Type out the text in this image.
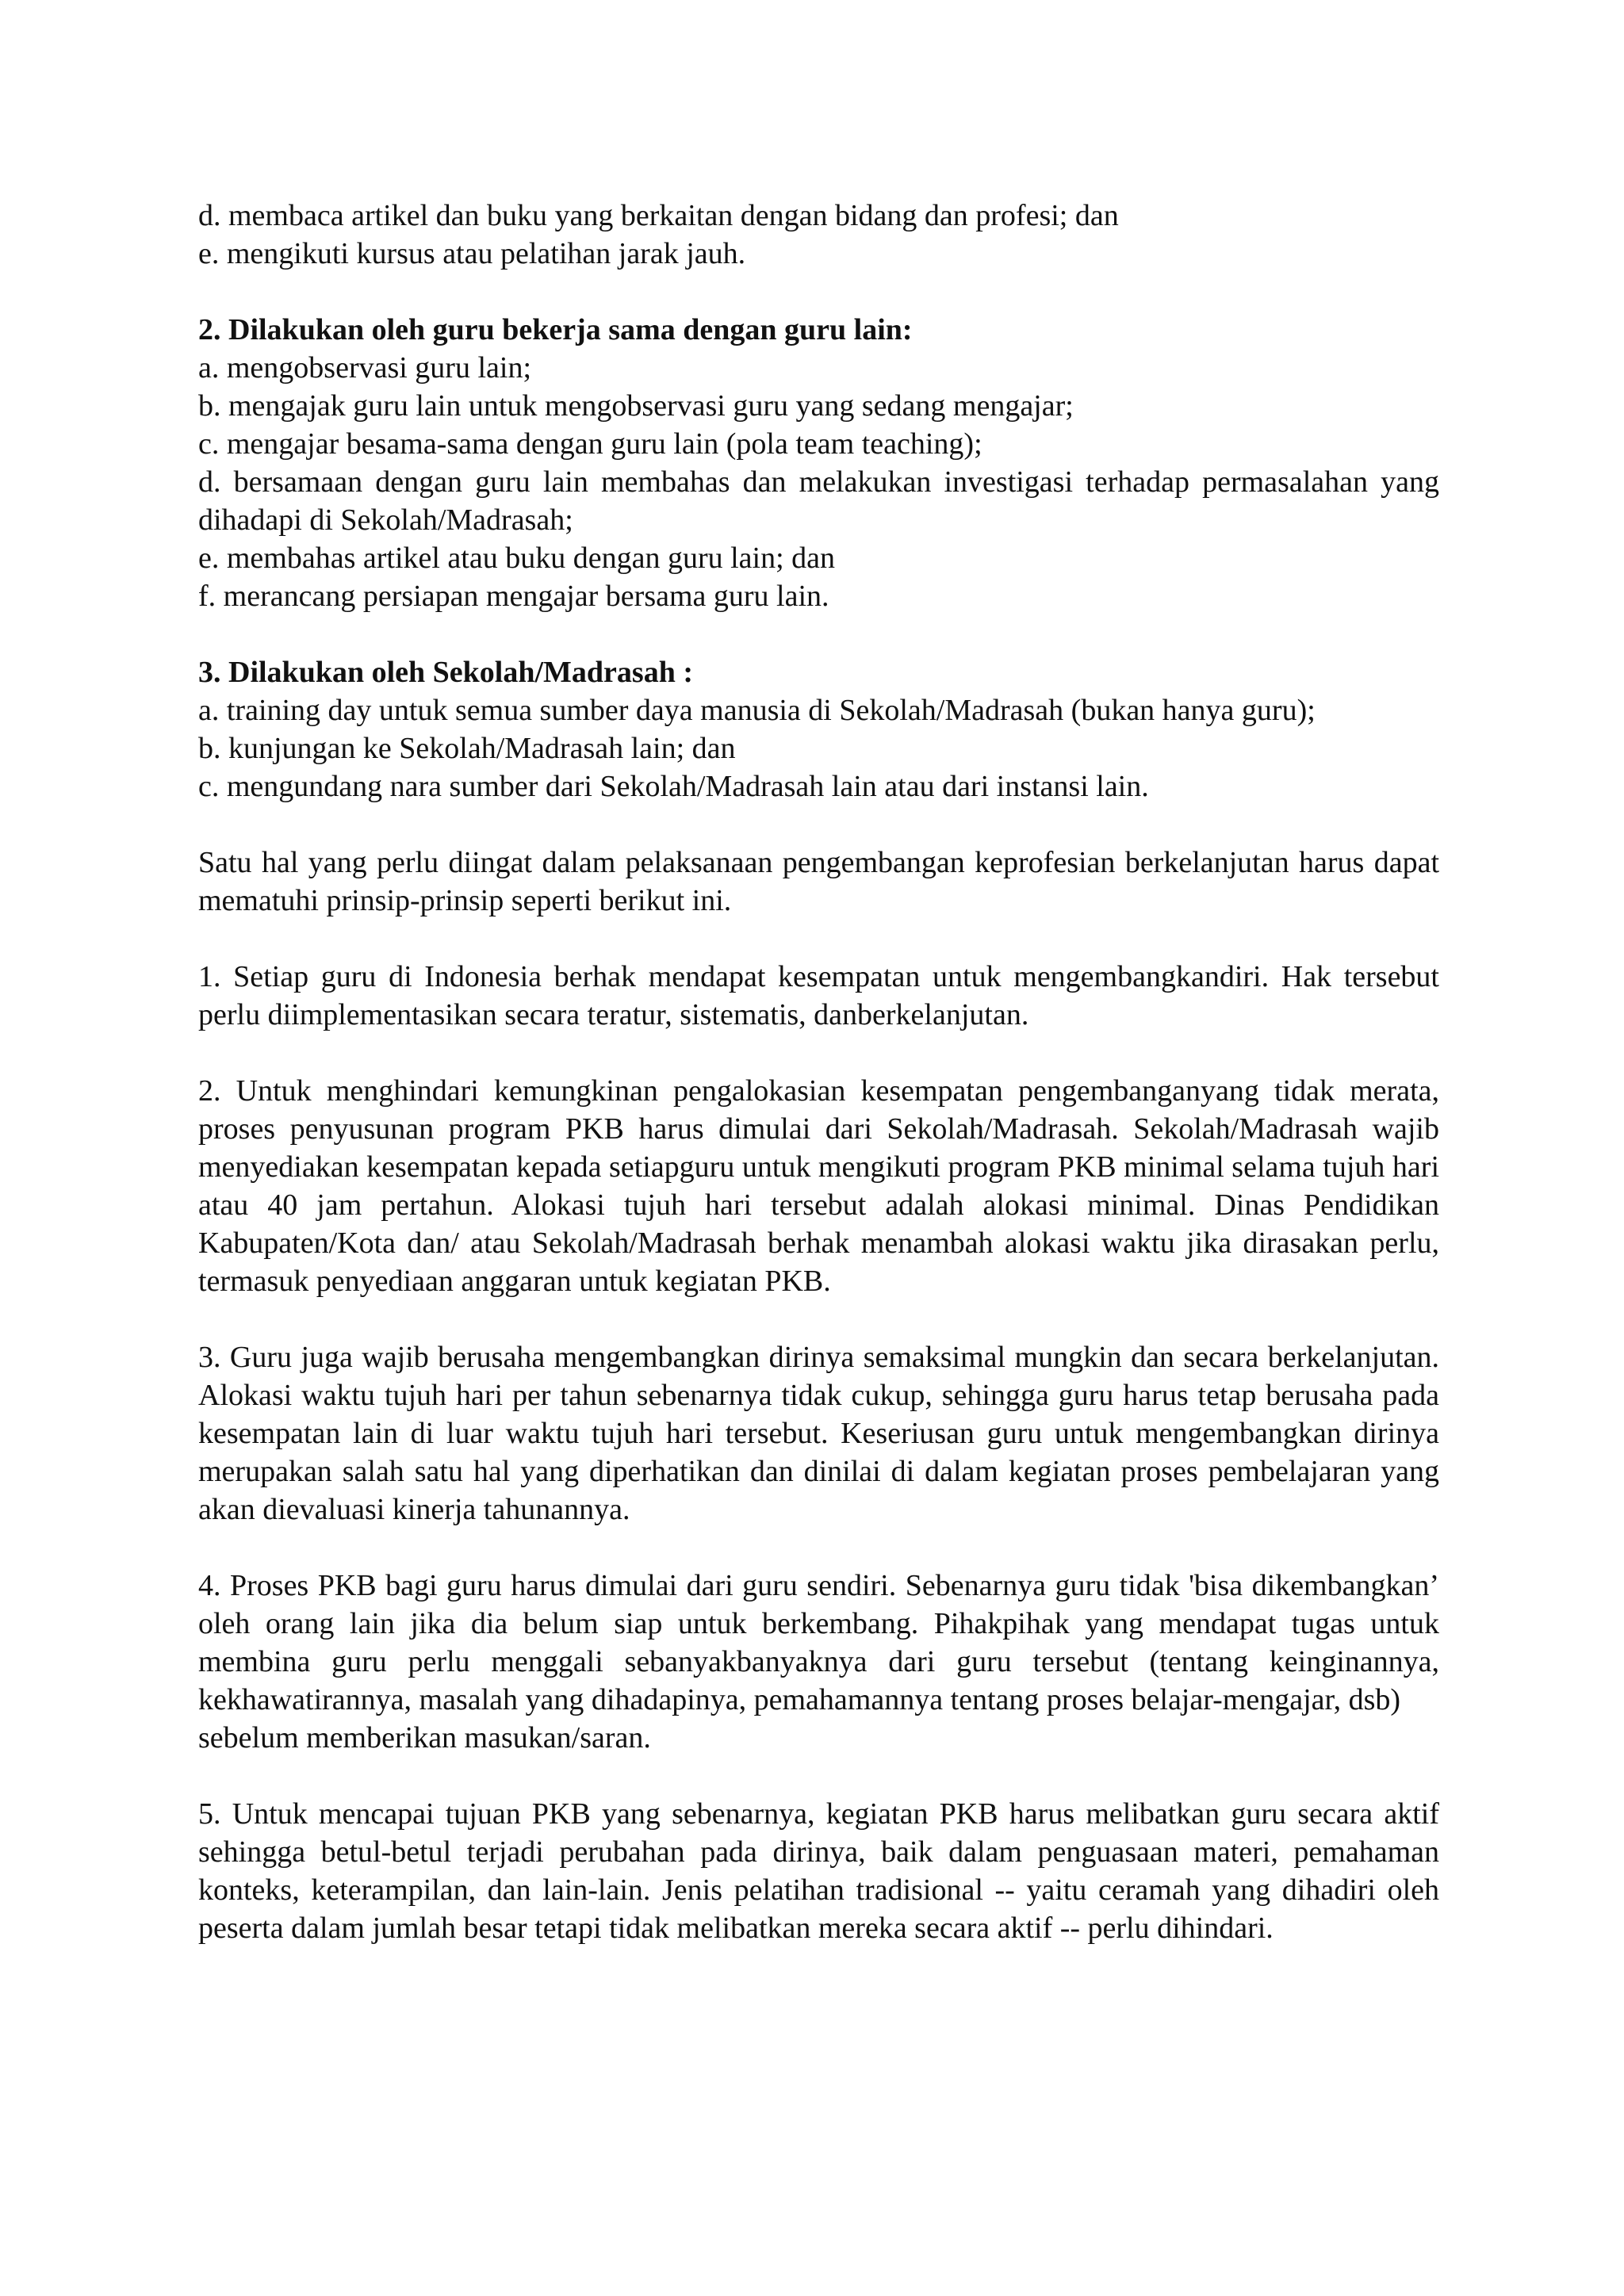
d. membaca artikel dan buku yang berkaitan dengan bidang dan profesi; dan
e. mengikuti kursus atau pelatihan jarak jauh.
2. Dilakukan oleh guru bekerja sama dengan guru lain:
a. mengobservasi guru lain;
b. mengajak guru lain untuk mengobservasi guru yang sedang mengajar;
c. mengajar besama-sama dengan guru lain (pola team teaching);

d. bersamaan dengan guru lain membahas dan melakukan investigasi terhadap permasalahan yang dihadapi di Sekolah/Madrasah;

e. membahas artikel atau buku dengan guru lain; dan
f. merancang persiapan mengajar bersama guru lain.
3. Dilakukan oleh Sekolah/Madrasah :
a. training day untuk semua sumber daya manusia di Sekolah/Madrasah (bukan hanya guru);
b. kunjungan ke Sekolah/Madrasah lain; dan
c. mengundang nara sumber dari Sekolah/Madrasah lain atau dari instansi lain.

Satu hal yang perlu diingat dalam pelaksanaan pengembangan keprofesian berkelanjutan harus dapat mematuhi prinsip-prinsip seperti berikut ini.

1. Setiap guru di Indonesia berhak mendapat kesempatan untuk mengembangkandiri. Hak tersebut perlu diimplementasikan secara teratur, sistematis, danberkelanjutan.

2. Untuk menghindari kemungkinan pengalokasian kesempatan pengembanganyang tidak merata, proses penyusunan program PKB harus dimulai dari Sekolah/Madrasah. Sekolah/Madrasah wajib menyediakan kesempatan kepada setiapguru untuk mengikuti program PKB minimal selama tujuh hari atau 40 jam pertahun. Alokasi tujuh hari tersebut adalah alokasi minimal. Dinas Pendidikan Kabupaten/Kota dan/ atau Sekolah/Madrasah berhak menambah alokasi waktu jika dirasakan perlu, termasuk penyediaan anggaran untuk kegiatan PKB.

3. Guru juga wajib berusaha mengembangkan dirinya semaksimal mungkin dan secara berkelanjutan. Alokasi waktu tujuh hari per tahun sebenarnya tidak cukup, sehingga guru harus tetap berusaha pada kesempatan lain di luar waktu tujuh hari tersebut. Keseriusan guru untuk mengembangkan dirinya merupakan salah satu hal yang diperhatikan dan dinilai di dalam kegiatan proses pembelajaran yang akan dievaluasi kinerja tahunannya.

4. Proses PKB bagi guru harus dimulai dari guru sendiri. Sebenarnya guru tidak 'bisa dikembangkan’ oleh orang lain jika dia belum siap untuk berkembang. Pihakpihak yang mendapat tugas untuk membina guru perlu menggali sebanyakbanyaknya dari guru tersebut (tentang keinginannya, kekhawatirannya, masalah yang dihadapinya, pemahamannya tentang proses belajar-mengajar, dsb)

sebelum memberikan masukan/saran.

5. Untuk mencapai tujuan PKB yang sebenarnya, kegiatan PKB harus melibatkan guru secara aktif sehingga betul-betul terjadi perubahan pada dirinya, baik dalam penguasaan materi, pemahaman konteks, keterampilan, dan lain-lain. Jenis pelatihan tradisional -- yaitu ceramah yang dihadiri oleh peserta dalam jumlah besar tetapi tidak melibatkan mereka secara aktif -- perlu dihindari.
